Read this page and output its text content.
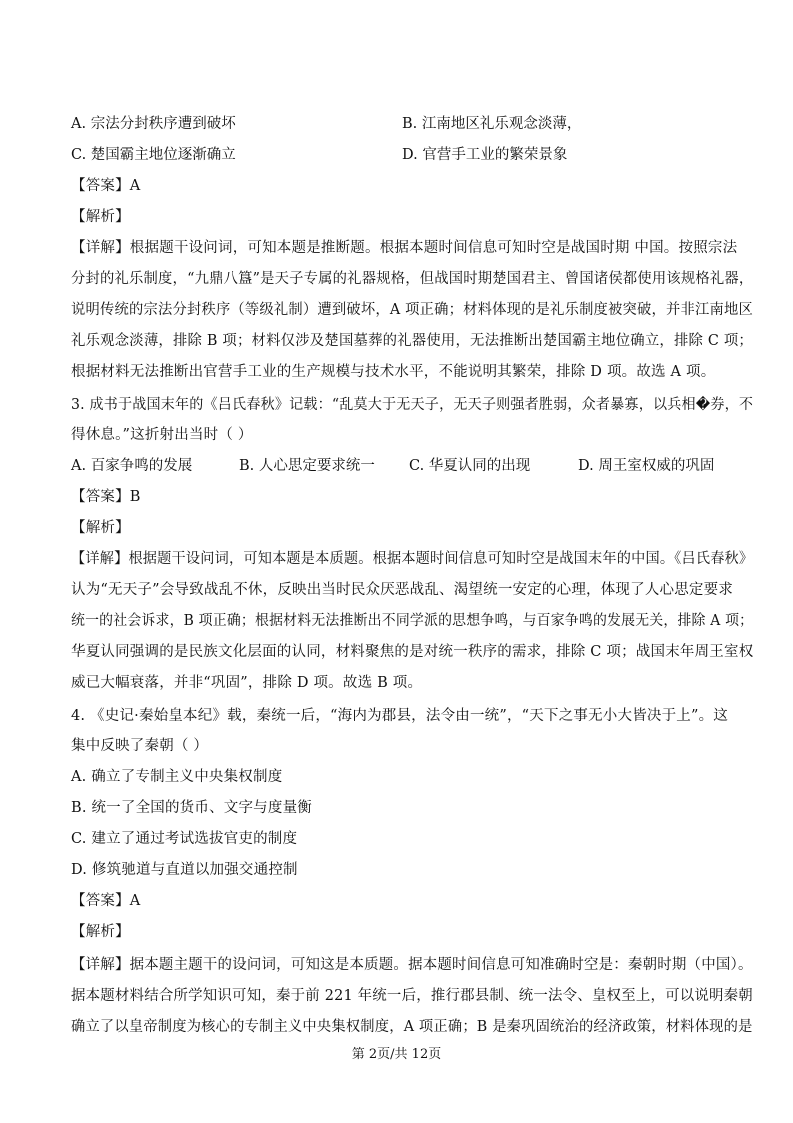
A. 宗法分封秩序遭到破坏	B. 江南地区礼乐观念淡薄，
C. 楚国霸主地位逐渐确立	D. 官营手工业的繁荣景象
【答案】A
【解析】
【详解】根据题干设问词，可知本题是推断题。根据本题时间信息可知时空是战国时期 中国。按照宗法
分封的礼乐制度，“九鼎八簋”是天子专属的礼器规格，但战国时期楚国君主、曾国诸侯都使用该规格礼器，
说明传统的宗法分封秩序（等级礼制）遭到破坏，A 项正确；材料体现的是礼乐制度被突破，并非江南地区
礼乐观念淡薄，排除 B 项；材料仅涉及楚国墓葬的礼器使用，无法推断出楚国霸主地位确立，排除 C 项；
根据材料无法推断出官营手工业的生产规模与技术水平，不能说明其繁荣，排除 D 项。故选 A 项。
3. 成书于战国末年的《吕氏春秋》记载：“乱莫大于无天子，无天子则强者胜弱，众者暴寡，以兵相�券，不
得休息。”这折射出当时（ ）
A. 百家争鸣的发展	B. 人心思定要求统一 C. 华夏认同的出现	D. 周王室权威的巩固
【答案】B
【解析】
【详解】根据题干设问词，可知本题是本质题。根据本题时间信息可知时空是战国末年的中国。《吕氏春秋》
认为“无天子”会导致战乱不休，反映出当时民众厌恶战乱、渴望统一安定的心理，体现了人心思定要求
统一的社会诉求，B 项正确；根据材料无法推断出不同学派的思想争鸣，与百家争鸣的发展无关，排除 A 项；
华夏认同强调的是民族文化层面的认同，材料聚焦的是对统一秩序的需求，排除 C 项；战国末年周王室权
威已大幅衰落，并非“巩固”，排除 D 项。故选 B 项。
4. 《史记·秦始皇本纪》载，秦统一后，“海内为郡县，法令由一统”，“天下之事无小大皆决于上”。这
集中反映了秦朝（ ）
A. 确立了专制主义中央集权制度
B. 统一了全国的货币、文字与度量衡
C. 建立了通过考试选拔官吏的制度
D. 修筑驰道与直道以加强交通控制
【答案】A
【解析】
【详解】据本题主题干的设问词，可知这是本质题。据本题时间信息可知准确时空是：秦朝时期（中国）。
据本题材料结合所学知识可知，秦于前 221 年统一后，推行郡县制、统一法令、皇权至上，可以说明秦朝
确立了以皇帝制度为核心的专制主义中央集权制度，A 项正确；B 是秦巩固统治的经济政策，材料体现的是
第 2页/共 12页
